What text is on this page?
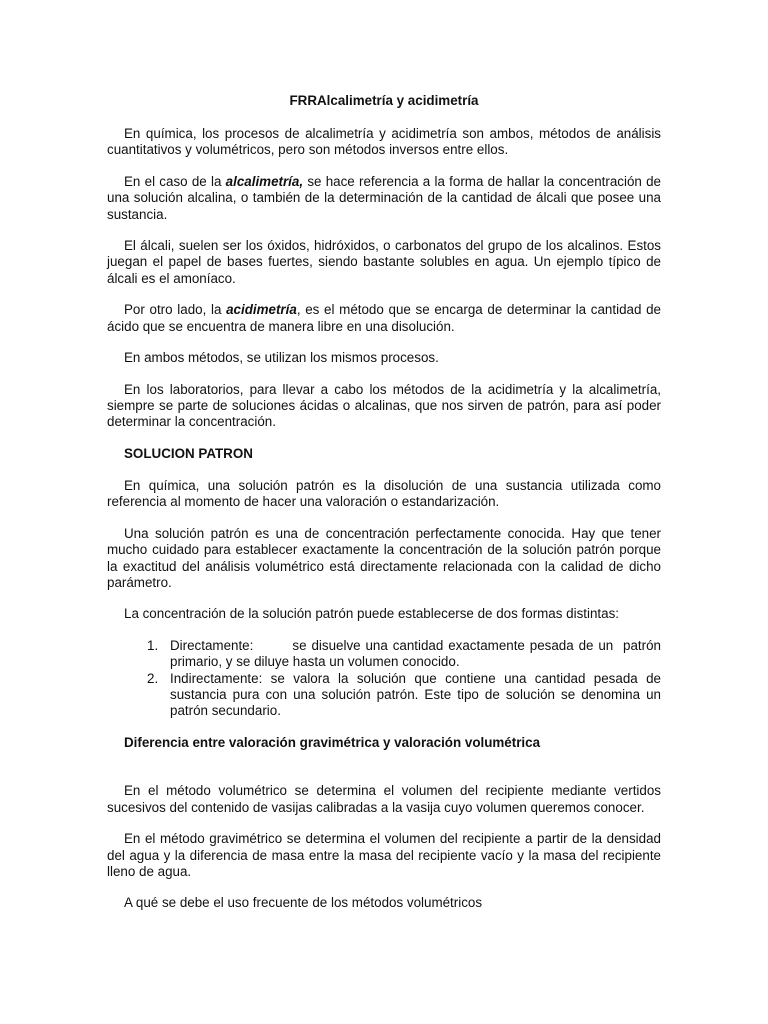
FRRAlcalimetría y acidimetría

En química, los procesos de alcalimetría y acidimetría son ambos, métodos de análisis cuantitativos y volumétricos, pero son métodos inversos entre ellos.

En el caso de la alcalimetría, se hace referencia a la forma de hallar la concentración de una solución alcalina, o también de la determinación de la cantidad de álcali que posee una sustancia.

El álcali, suelen ser los óxidos, hidróxidos, o carbonatos del grupo de los alcalinos. Estos juegan el papel de bases fuertes, siendo bastante solubles en agua. Un ejemplo típico de álcali es el amoníaco.

Por otro lado, la acidimetría, es el método que se encarga de determinar la cantidad de ácido que se encuentra de manera libre en una disolución.

En ambos métodos, se utilizan los mismos procesos.

En los laboratorios, para llevar a cabo los métodos de la acidimetría y la alcalimetría, siempre se parte de soluciones ácidas o alcalinas, que nos sirven de patrón, para así poder determinar la concentración.

SOLUCION PATRON

En química, una solución patrón es la disolución de una sustancia utilizada como referencia al momento de hacer una valoración o estandarización.

Una solución patrón es una de concentración perfectamente conocida. Hay que tener mucho cuidado para establecer exactamente la concentración de la solución patrón porque la exactitud del análisis volumétrico está directamente relacionada con la calidad de dicho parámetro.

La concentración de la solución patrón puede establecerse de dos formas distintas:

1. Directamente:        se disuelve una cantidad exactamente pesada de un  patrón primario, y se diluye hasta un volumen conocido.
2. Indirectamente: se valora la solución que contiene una cantidad pesada de sustancia pura con una solución patrón. Este tipo de solución se denomina un patrón secundario.
Diferencia entre valoración gravimétrica y valoración volumétrica

En el método volumétrico se determina el volumen del recipiente mediante vertidos sucesivos del contenido de vasijas calibradas a la vasija cuyo volumen queremos conocer.

En el método gravimétrico se determina el volumen del recipiente a partir de la densidad del agua y la diferencia de masa entre la masa del recipiente vacío y la masa del recipiente lleno de agua.

A qué se debe el uso frecuente de los métodos volumétricos
